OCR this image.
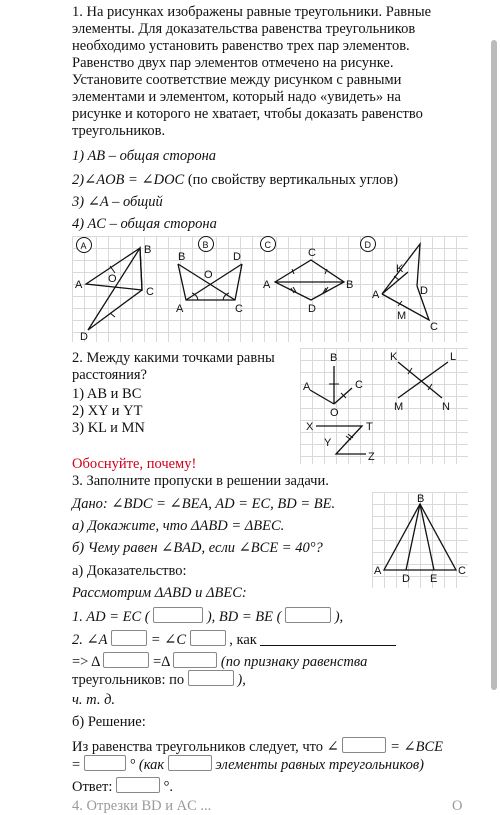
1. На рисунках изображены равные треугольники. Равные
элементы. Для доказательства равенства треугольников
необходимо установить равенство трех пар элементов.
Равенство двух пар элементов отмечено на рисунке.
Установите соответствие между рисунком с равными
элементами и элементом, который надо «увидеть» на
рисунке и которого не хватает, чтобы доказать равенство
треугольников.
1) AB – общая сторона
2)∠AOB = ∠DOC (по свойству вертикальных углов)
3) ∠A – общий
4) AC – общая сторона
A	B
O
A
C
D
B
B	D
O
A	C
C
C
A	B
D
D
K
A	D
M
C
2. Между какими точками равны
расстояния?
1) AB и BC
2) XY и YT
3) KL и MN
B
A	C
O
K	L
M	N
X	T
Y
Z
Обоснуйте, почему!
3. Заполните пропуски в решении задачи.
Дано: ∠BDC = ∠BEA, AD = EC, BD = BE.
а) Докажите, что ΔABD = ΔBEC.
б) Чему равен ∠BAD, если ∠BCE = 40°?
а) Доказательство:
Рассмотрим ΔABD и ΔBEC:
B
A
D E
C
1. AD = EC (	), BD = BE (	),
2. ∠A	= ∠C	, как
=> Δ	=Δ	(по признаку равенства
треугольников: по	),
ч. т. д.
б) Решение:
Из равенства треугольников следует, что ∠	= ∠BCE
=	° (как	элементы равных треугольников)
Ответ:	°.
4. Отрезки BD и AC ...	O
